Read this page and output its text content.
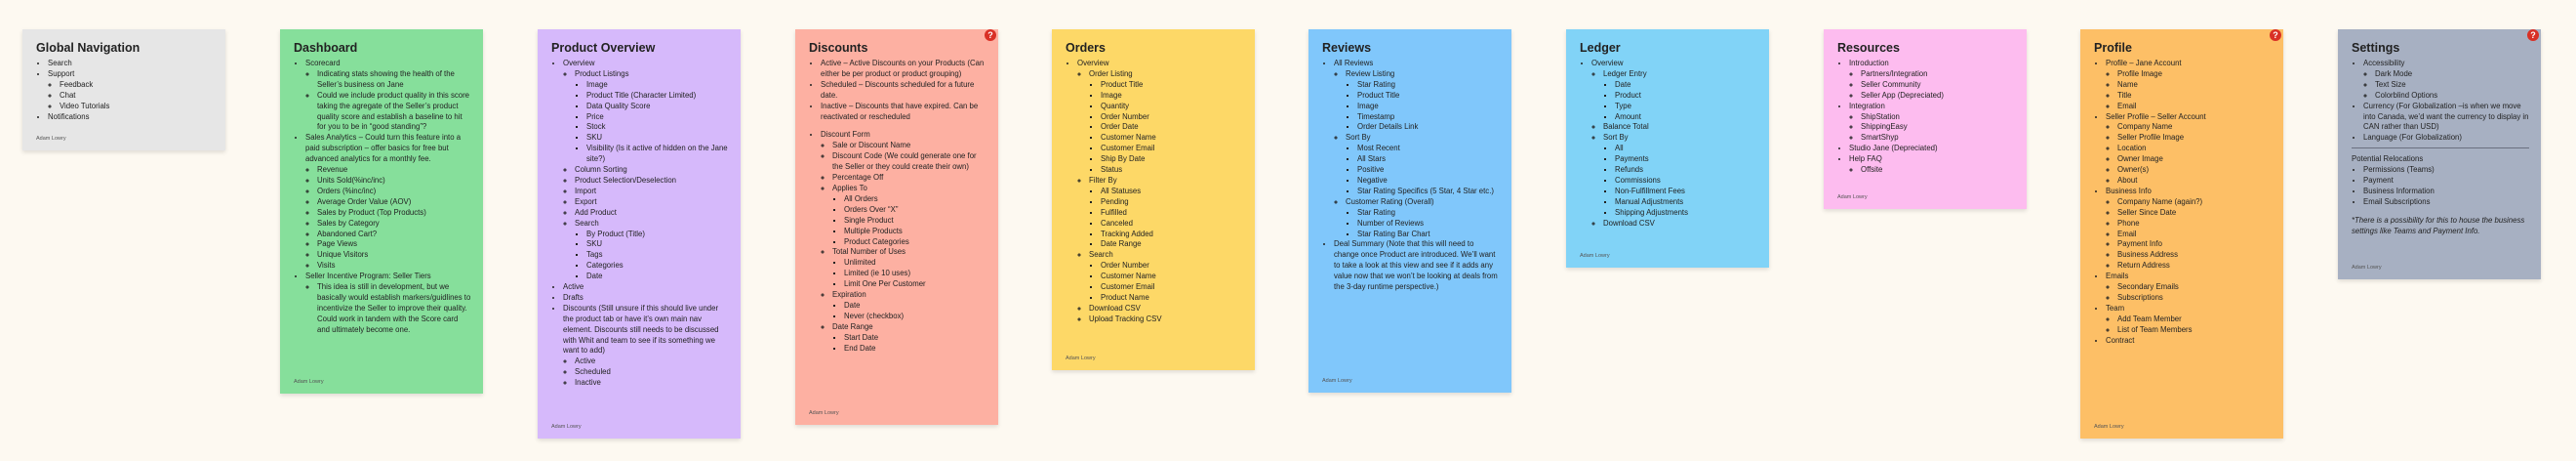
Global Navigation
• Search
• Support
◦ Feedback
◦ Chat
◦ Video Tutorials
• Notifications
Adam Lowry
Dashboard
• Scorecard
◦ Indicating stats showing the health of the Seller’s business on Jane
◦ Could we include product quality in this score taking the agregate of the Seller’s product quality score and establish a baseline to hit for you to be in “good standing”?
• Sales Analytics – Could turn this feature into a paid subscription – offer basics for free but advanced analytics for a monthly fee.
◦ Revenue
◦ Units Sold(%inc/inc)
◦ Orders (%inc/inc)
◦ Average Order Value (AOV)
◦ Sales by Product (Top Products)
◦ Sales by Category
◦ Abandoned Cart?
◦ Page Views
◦ Unique Visitors
◦ Visits
• Seller Incentive Program: Seller Tiers
◦ This idea is still in development, but we basically would establish markers/guidlines to incentivize the Seller to improve their quality. Could work in tandem with the Score card and ultimately become one.
Adam Lowry
Product Overview
• Overview
◦ Product Listings
▪ Image
▪ Product Title (Character Limited)
▪ Data Quality Score
▪ Price
▪ Stock
▪ SKU
▪ Visibility (Is it active of hidden on the Jane site?)
◦ Column Sorting
◦ Product Selection/Deselection
◦ Import
◦ Export
◦ Add Product
◦ Search
▪ By Product (Title)
▪ SKU
▪ Tags
▪ Categories
▪ Date
• Active
• Drafts
• Discounts (Still unsure if this should live under the product tab or have it’s own main nav element. Discounts still needs to be discussed with Whit and team to see if its something we want to add)
◦ Active
◦ Scheduled
◦ Inactive
Adam Lowry
?
Discounts
• Active – Active Discounts on your Products (Can either be per product or product grouping)
• Scheduled – Discounts scheduled for a future date.
• Inactive – Discounts that have expired. Can be reactivated or rescheduled
• Discount Form
◦ Sale or Discount Name
◦ Discount Code (We could generate one for the Seller or they could create their own)
◦ Percentage Off
◦ Applies To
▪ All Orders
▪ Orders Over “X”
▪ Single Product
▪ Multiple Products
▪ Product Categories
◦ Total Number of Uses
▪ Unlimited
▪ Limited (ie 10 uses)
▪ Limit One Per Customer
◦ Expiration
▪ Date
▪ Never (checkbox)
◦ Date Range
▪ Start Date
▪ End Date
Adam Lowry
Orders
• Overview
◦ Order Listing
▪ Product Title
▪ Image
▪ Quantity
▪ Order Number
▪ Order Date
▪ Customer Name
▪ Customer Email
▪ Ship By Date
▪ Status
◦ Filter By
▪ All Statuses
▪ Pending
▪ Fulfilled
▪ Canceled
▪ Tracking Added
▪ Date Range
◦ Search
▪ Order Number
▪ Customer Name
▪ Customer Email
▪ Product Name
◦ Download CSV
◦ Upload Tracking CSV
Adam Lowry
Reviews
• All Reviews
◦ Review Listing
▪ Star Rating
▪ Product Title
▪ Image
▪ Timestamp
▪ Order Details Link
◦ Sort By
▪ Most Recent
▪ All Stars
▪ Positive
▪ Negative
▪ Star Rating Specifics (5 Star, 4 Star etc.)
◦ Customer Rating (Overall)
▪ Star Rating
▪ Number of Reviews
▪ Star Rating Bar Chart
• Deal Summary (Note that this will need to change once Product are introduced. We’ll want to take a look at this view and see if it adds any value now that we won’t be looking at deals from the 3-day runtime perspective.)
Adam Lowry
Ledger
• Overview
◦ Ledger Entry
▪ Date
▪ Product
▪ Type
▪ Amount
◦ Balance Total
◦ Sort By
▪ All
▪ Payments
▪ Refunds
▪ Commissions
▪ Non-Fulfillment Fees
▪ Manual Adjustments
▪ Shipping Adjustments
◦ Download CSV
Adam Lowry
Resources
• Introduction
◦ Partners/Integration
◦ Seller Community
◦ Seller App (Depreciated)
• Integration
◦ ShipStation
◦ ShippingEasy
◦ SmartShyp
• Studio Jane (Depreciated)
• Help FAQ
◦ Offsite
Adam Lowry
?
Profile
• Profile – Jane Account
◦ Profile Image
◦ Name
◦ Title
◦ Email
• Seller Profile – Seller Account
◦ Company Name
◦ Seller Profile Image
◦ Location
◦ Owner Image
◦ Owner(s)
◦ About
• Business Info
◦ Company Name (again?)
◦ Seller Since Date
◦ Phone
◦ Email
◦ Payment Info
◦ Business Address
◦ Return Address
• Emails
◦ Secondary Emails
◦ Subscriptions
• Team
◦ Add Team Member
◦ List of Team Members
• Contract
Adam Lowry
?
Settings
• Accessibility
◦ Dark Mode
◦ Text Size
◦ Colorblind Options
• Currency (For Globalization –is when we move into Canada, we’d want the currency to display in CAN rather than USD)
• Language (For Globalization)

Potential Relocations

• Permissions (Teams)
• Payment
• Business Information
• Email Subscriptions

*There is a possibility for this to house the business settings like Teams and Payment Info.

Adam Lowry
